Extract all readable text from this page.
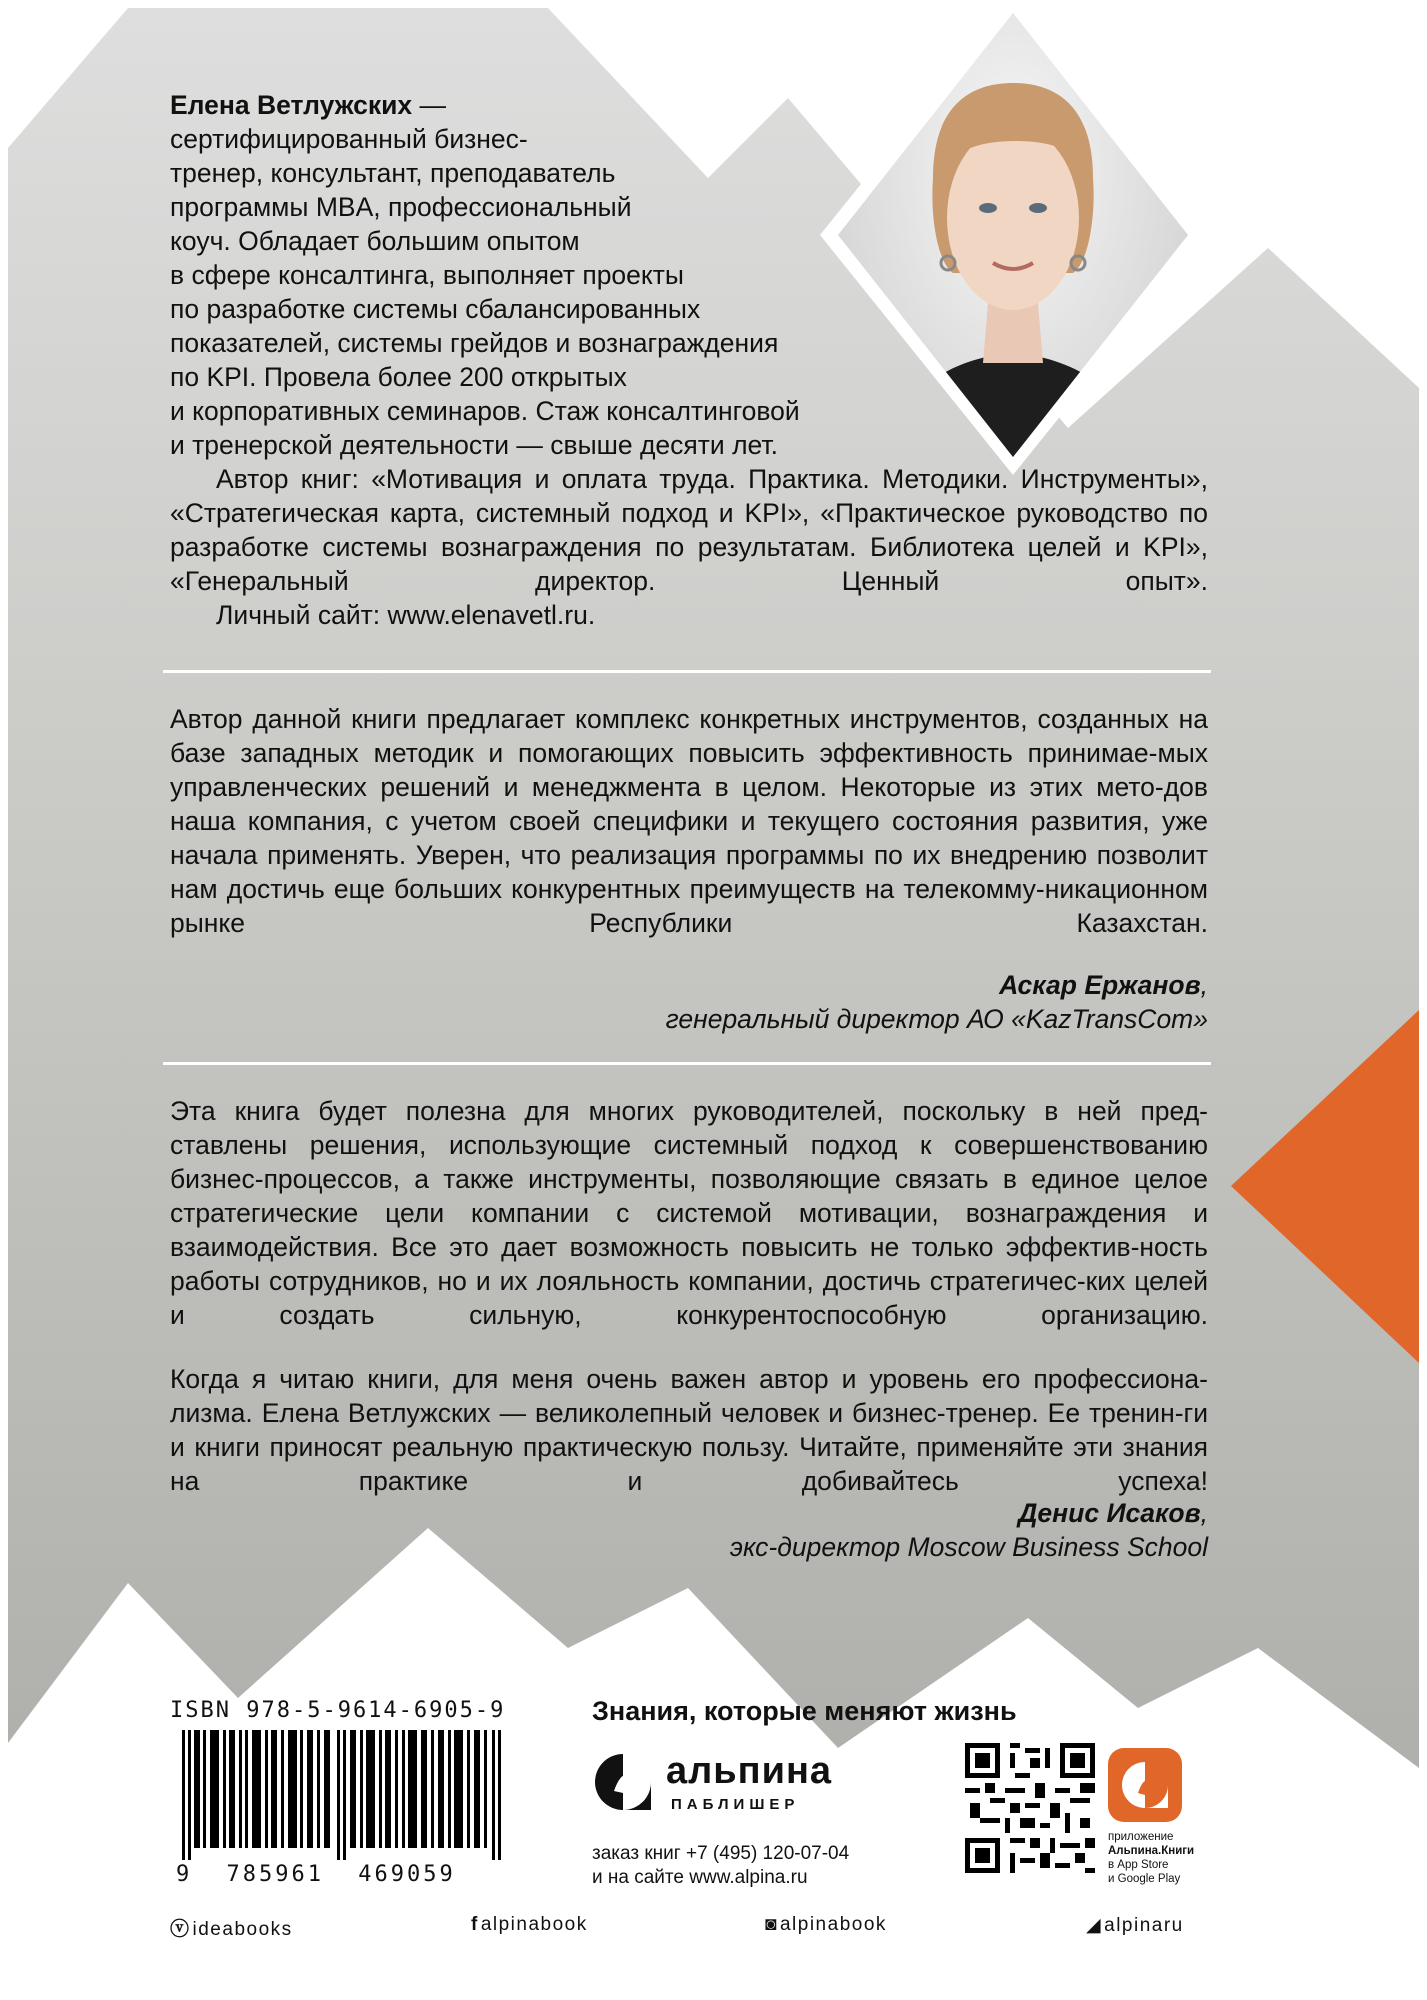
Елена Ветлужских —
сертифицированный бизнес-
тренер, консультант, преподаватель
программы MBA, профессиональный
коуч. Обладает большим опытом
в сфере консалтинга, выполняет проекты
по разработке системы сбалансированных
показателей, системы грейдов и вознаграждения
по KPI. Провела более 200 открытых
и корпоративных семинаров. Стаж консалтинговой
и тренерской деятельности — свыше десяти лет.

Автор книг: «Мотивация и оплата труда. Практика. Методики. Инструменты», «Стратегическая карта, системный подход и KPI», «Практическое руководство по разработке системы вознаграждения по результатам. Библиотека целей и KPI», «Генеральный директор. Ценный опыт».

Личный сайт: www.elenavetl.ru.

Автор данной книги предлагает комплекс конкретных инструментов, созданных на базе западных методик и помогающих повысить эффективность принимае-мых управленческих решений и менеджмента в целом. Некоторые из этих мето-дов наша компания, с учетом своей специфики и текущего состояния развития, уже начала применять. Уверен, что реализация программы по их внедрению позволит нам достичь еще больших конкурентных преимуществ на телекомму-никационном рынке Республики Казахстан.

Аскар Ержанов,
генеральный директор АО «KazTransCom»

Эта книга будет полезна для многих руководителей, поскольку в ней пред-ставлены решения, использующие системный подход к совершенствованию бизнес-процессов, а также инструменты, позволяющие связать в единое целое стратегические цели компании с системой мотивации, вознаграждения и взаимодействия. Все это дает возможность повысить не только эффектив-ность работы сотрудников, но и их лояльность компании, достичь стратегичес-ких целей и создать сильную, конкурентоспособную организацию.

Когда я читаю книги, для меня очень важен автор и уровень его профессиона-лизма. Елена Ветлужских — великолепный человек и бизнес-тренер. Ее тренин-ги и книги приносят реальную практическую пользу. Читайте, применяйте эти знания на практике и добивайтесь успеха!

Денис Исаков,
экс-директор Moscow Business School
ISBN 978-5-9614-6905-9
9 785961 469059
Знания, которые меняют жизнь
альпина
ПАБЛИШЕР
заказ книг +7 (495) 120-07-04
и на сайте www.alpina.ru
приложение
Альпина.Книги
в App Store
и Google Play
ⓥ ideabooks	f alpinabook	◙ alpinabook	◢ alpinaru
